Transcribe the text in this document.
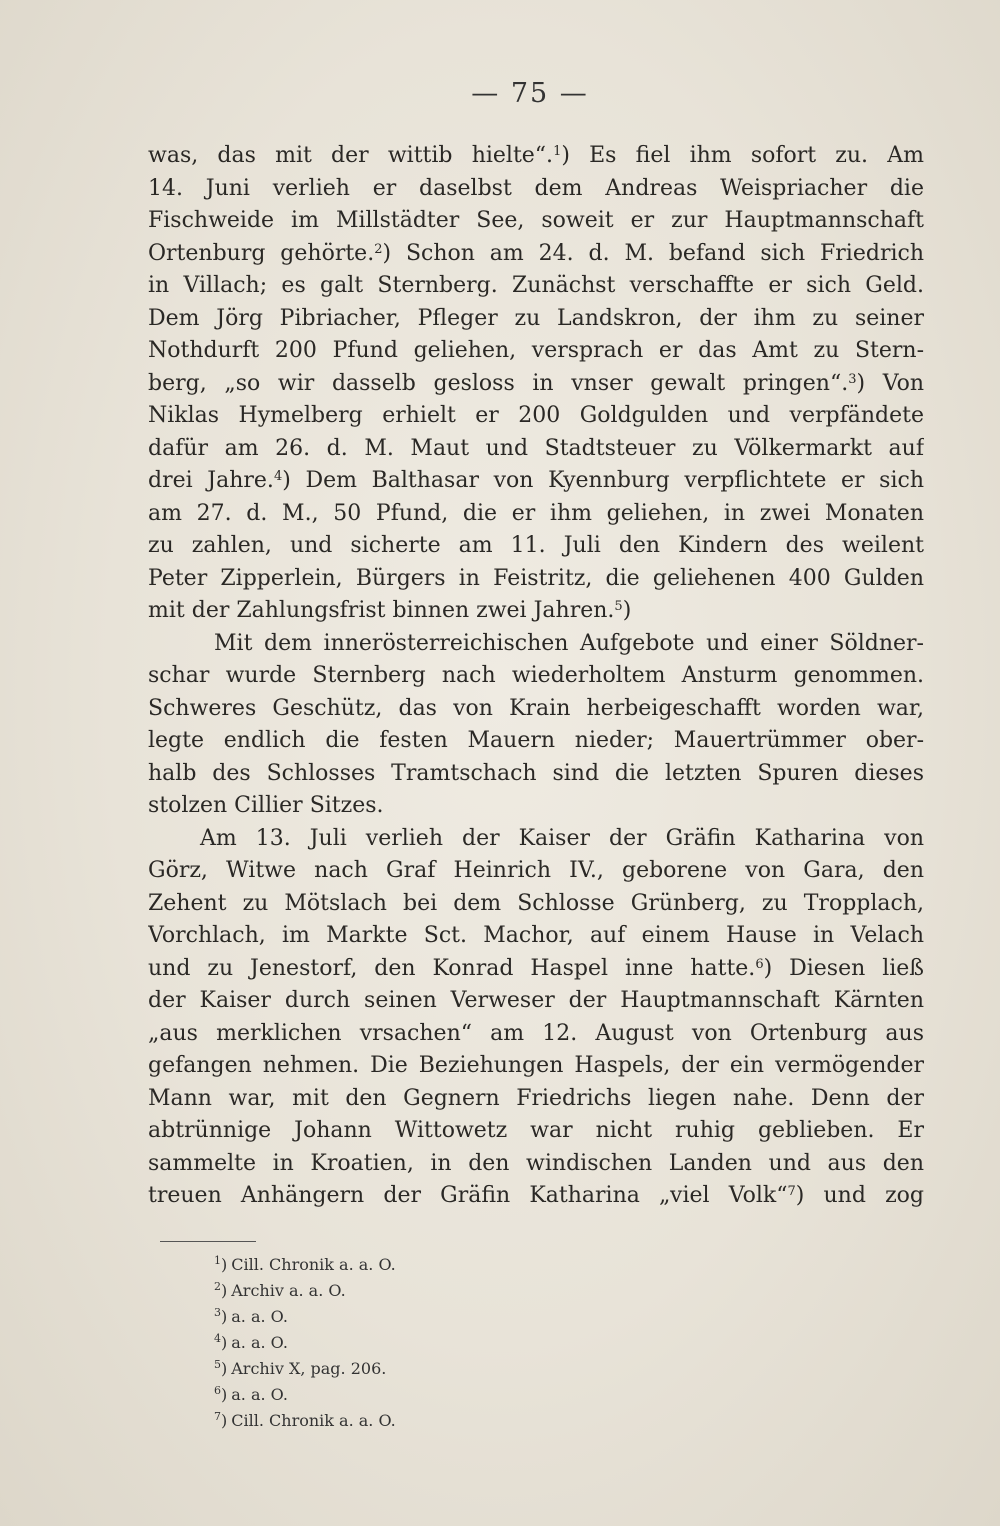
— 75 —
was, das mit der wittib hielte“.$^1$) Es fiel ihm sofort zu. Am
14. Juni verlieh er daselbst dem Andreas Weispriacher die
Fischweide im Millstädter See, soweit er zur Hauptmannschaft
Ortenburg gehörte.$^2$) Schon am 24. d. M. befand sich Friedrich
in Villach; es galt Sternberg. Zunächst verschaffte er sich Geld.
Dem Jörg Pibriacher, Pfleger zu Landskron, der ihm zu seiner
Nothdurft 200 Pfund geliehen, versprach er das Amt zu Stern-
berg, „so wir dasselb gesloss in vnser gewalt pringen“.$^3$) Von
Niklas Hymelberg erhielt er 200 Goldgulden und verpfändete
dafür am 26. d. M. Maut und Stadtsteuer zu Völkermarkt auf
drei Jahre.$^4$) Dem Balthasar von Kyennburg verpflichtete er sich
am 27. d. M., 50 Pfund, die er ihm geliehen, in zwei Monaten
zu zahlen, und sicherte am 11. Juli den Kindern des weilent
Peter Zipperlein, Bürgers in Feistritz, die geliehenen 400 Gulden
mit der Zahlungsfrist binnen zwei Jahren.$^5$)
Mit dem innerösterreichischen Aufgebote und einer Söldner-
schar wurde Sternberg nach wiederholtem Ansturm genommen.
Schweres Geschütz, das von Krain herbeigeschafft worden war,
legte endlich die festen Mauern nieder; Mauertrümmer ober-
halb des Schlosses Tramtschach sind die letzten Spuren dieses
stolzen Cillier Sitzes.
Am 13. Juli verlieh der Kaiser der Gräfin Katharina von
Görz, Witwe nach Graf Heinrich IV., geborene von Gara, den
Zehent zu Mötslach bei dem Schlosse Grünberg, zu Tropplach,
Vorchlach, im Markte Sct. Machor, auf einem Hause in Velach
und zu Jenestorf, den Konrad Haspel inne hatte.$^6$) Diesen ließ
der Kaiser durch seinen Verweser der Hauptmannschaft Kärnten
„aus merklichen vrsachen“ am 12. August von Ortenburg aus
gefangen nehmen. Die Beziehungen Haspels, der ein vermögender
Mann war, mit den Gegnern Friedrichs liegen nahe. Denn der
abtrünnige Johann Wittowetz war nicht ruhig geblieben. Er
sammelte in Kroatien, in den windischen Landen und aus den
treuen Anhängern der Gräfin Katharina „viel Volk“$^7$) und zog
$^1$) Cill. Chronik a. a. O.
$^2$) Archiv a. a. O.
$^3$) a. a. O.
$^4$) a. a. O.
$^5$) Archiv X, pag. 206.
$^6$) a. a. O.
$^7$) Cill. Chronik a. a. O.
